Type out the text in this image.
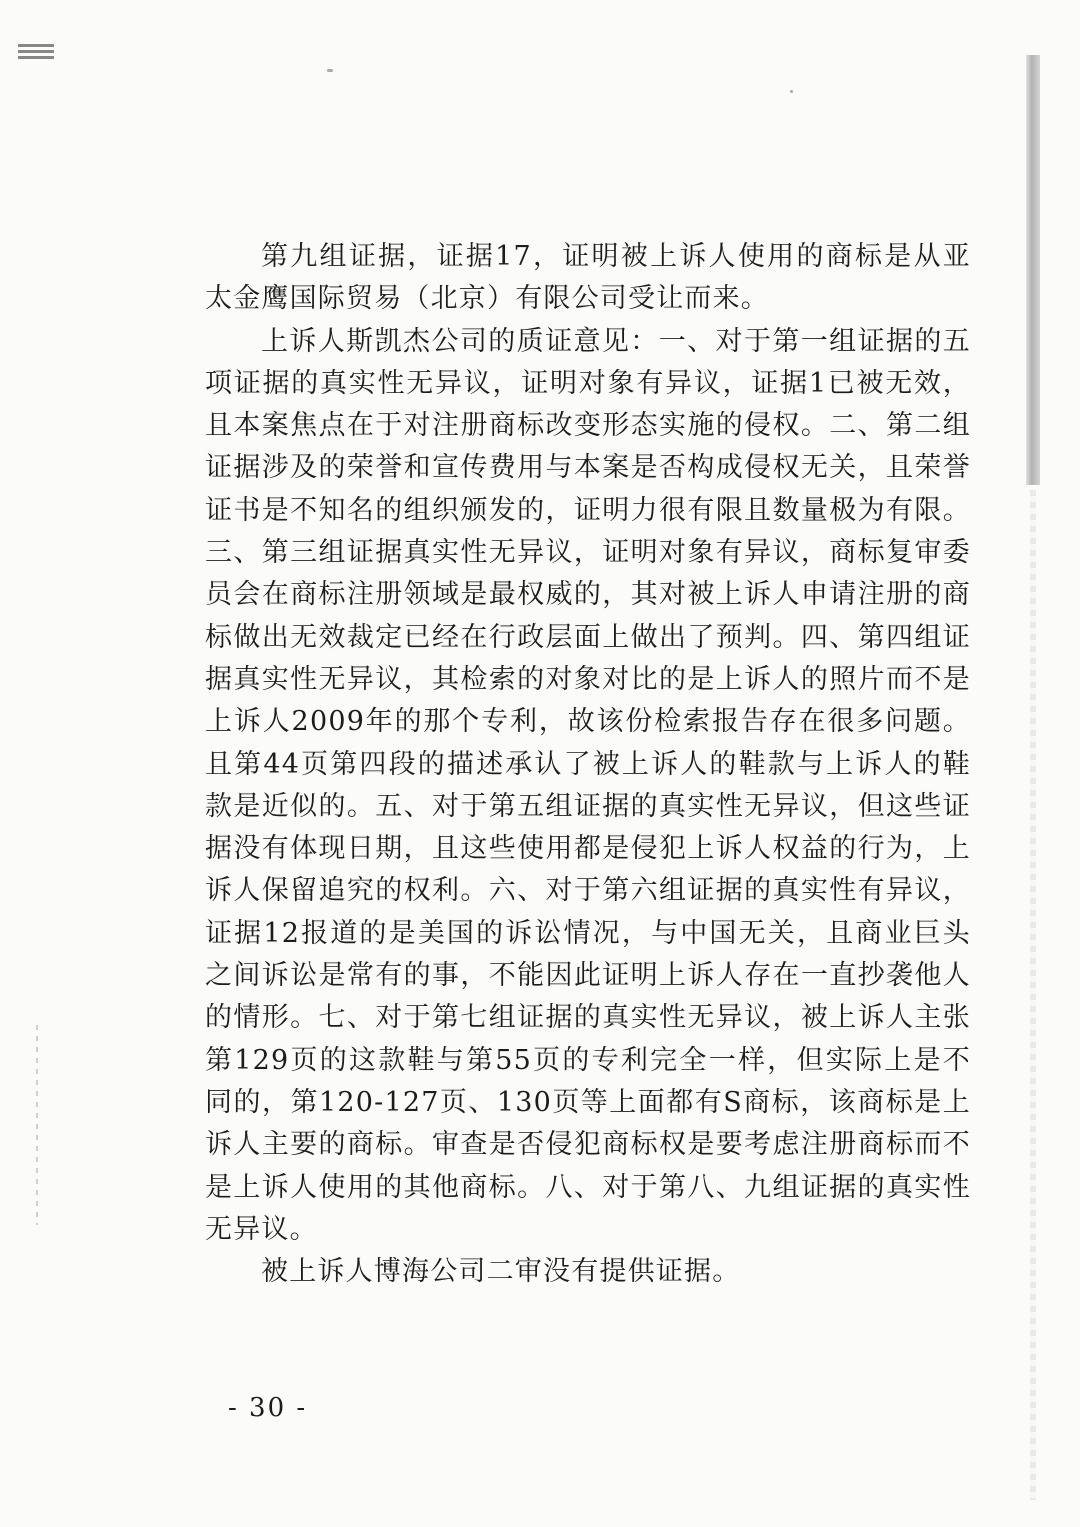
第九组证据，证据17，证明被上诉人使用的商标是从亚太金鹰国际贸易（北京）有限公司受让而来。

上诉人斯凯杰公司的质证意见：一、对于第一组证据的五项证据的真实性无异议，证明对象有异议，证据1已被无效，且本案焦点在于对注册商标改变形态实施的侵权。二、第二组证据涉及的荣誉和宣传费用与本案是否构成侵权无关，且荣誉证书是不知名的组织颁发的，证明力很有限且数量极为有限。三、第三组证据真实性无异议，证明对象有异议，商标复审委员会在商标注册领域是最权威的，其对被上诉人申请注册的商标做出无效裁定已经在行政层面上做出了预判。四、第四组证据真实性无异议，其检索的对象对比的是上诉人的照片而不是上诉人2009年的那个专利，故该份检索报告存在很多问题。且第44页第四段的描述承认了被上诉人的鞋款与上诉人的鞋款是近似的。五、对于第五组证据的真实性无异议，但这些证据没有体现日期，且这些使用都是侵犯上诉人权益的行为，上诉人保留追究的权利。六、对于第六组证据的真实性有异议，证据12报道的是美国的诉讼情况，与中国无关，且商业巨头之间诉讼是常有的事，不能因此证明上诉人存在一直抄袭他人的情形。七、对于第七组证据的真实性无异议，被上诉人主张第129页的这款鞋与第55页的专利完全一样，但实际上是不同的，第120-127页、130页等上面都有S商标，该商标是上诉人主要的商标。审查是否侵犯商标权是要考虑注册商标而不是上诉人使用的其他商标。八、对于第八、九组证据的真实性无异议。

被上诉人博海公司二审没有提供证据。

- 30 -
